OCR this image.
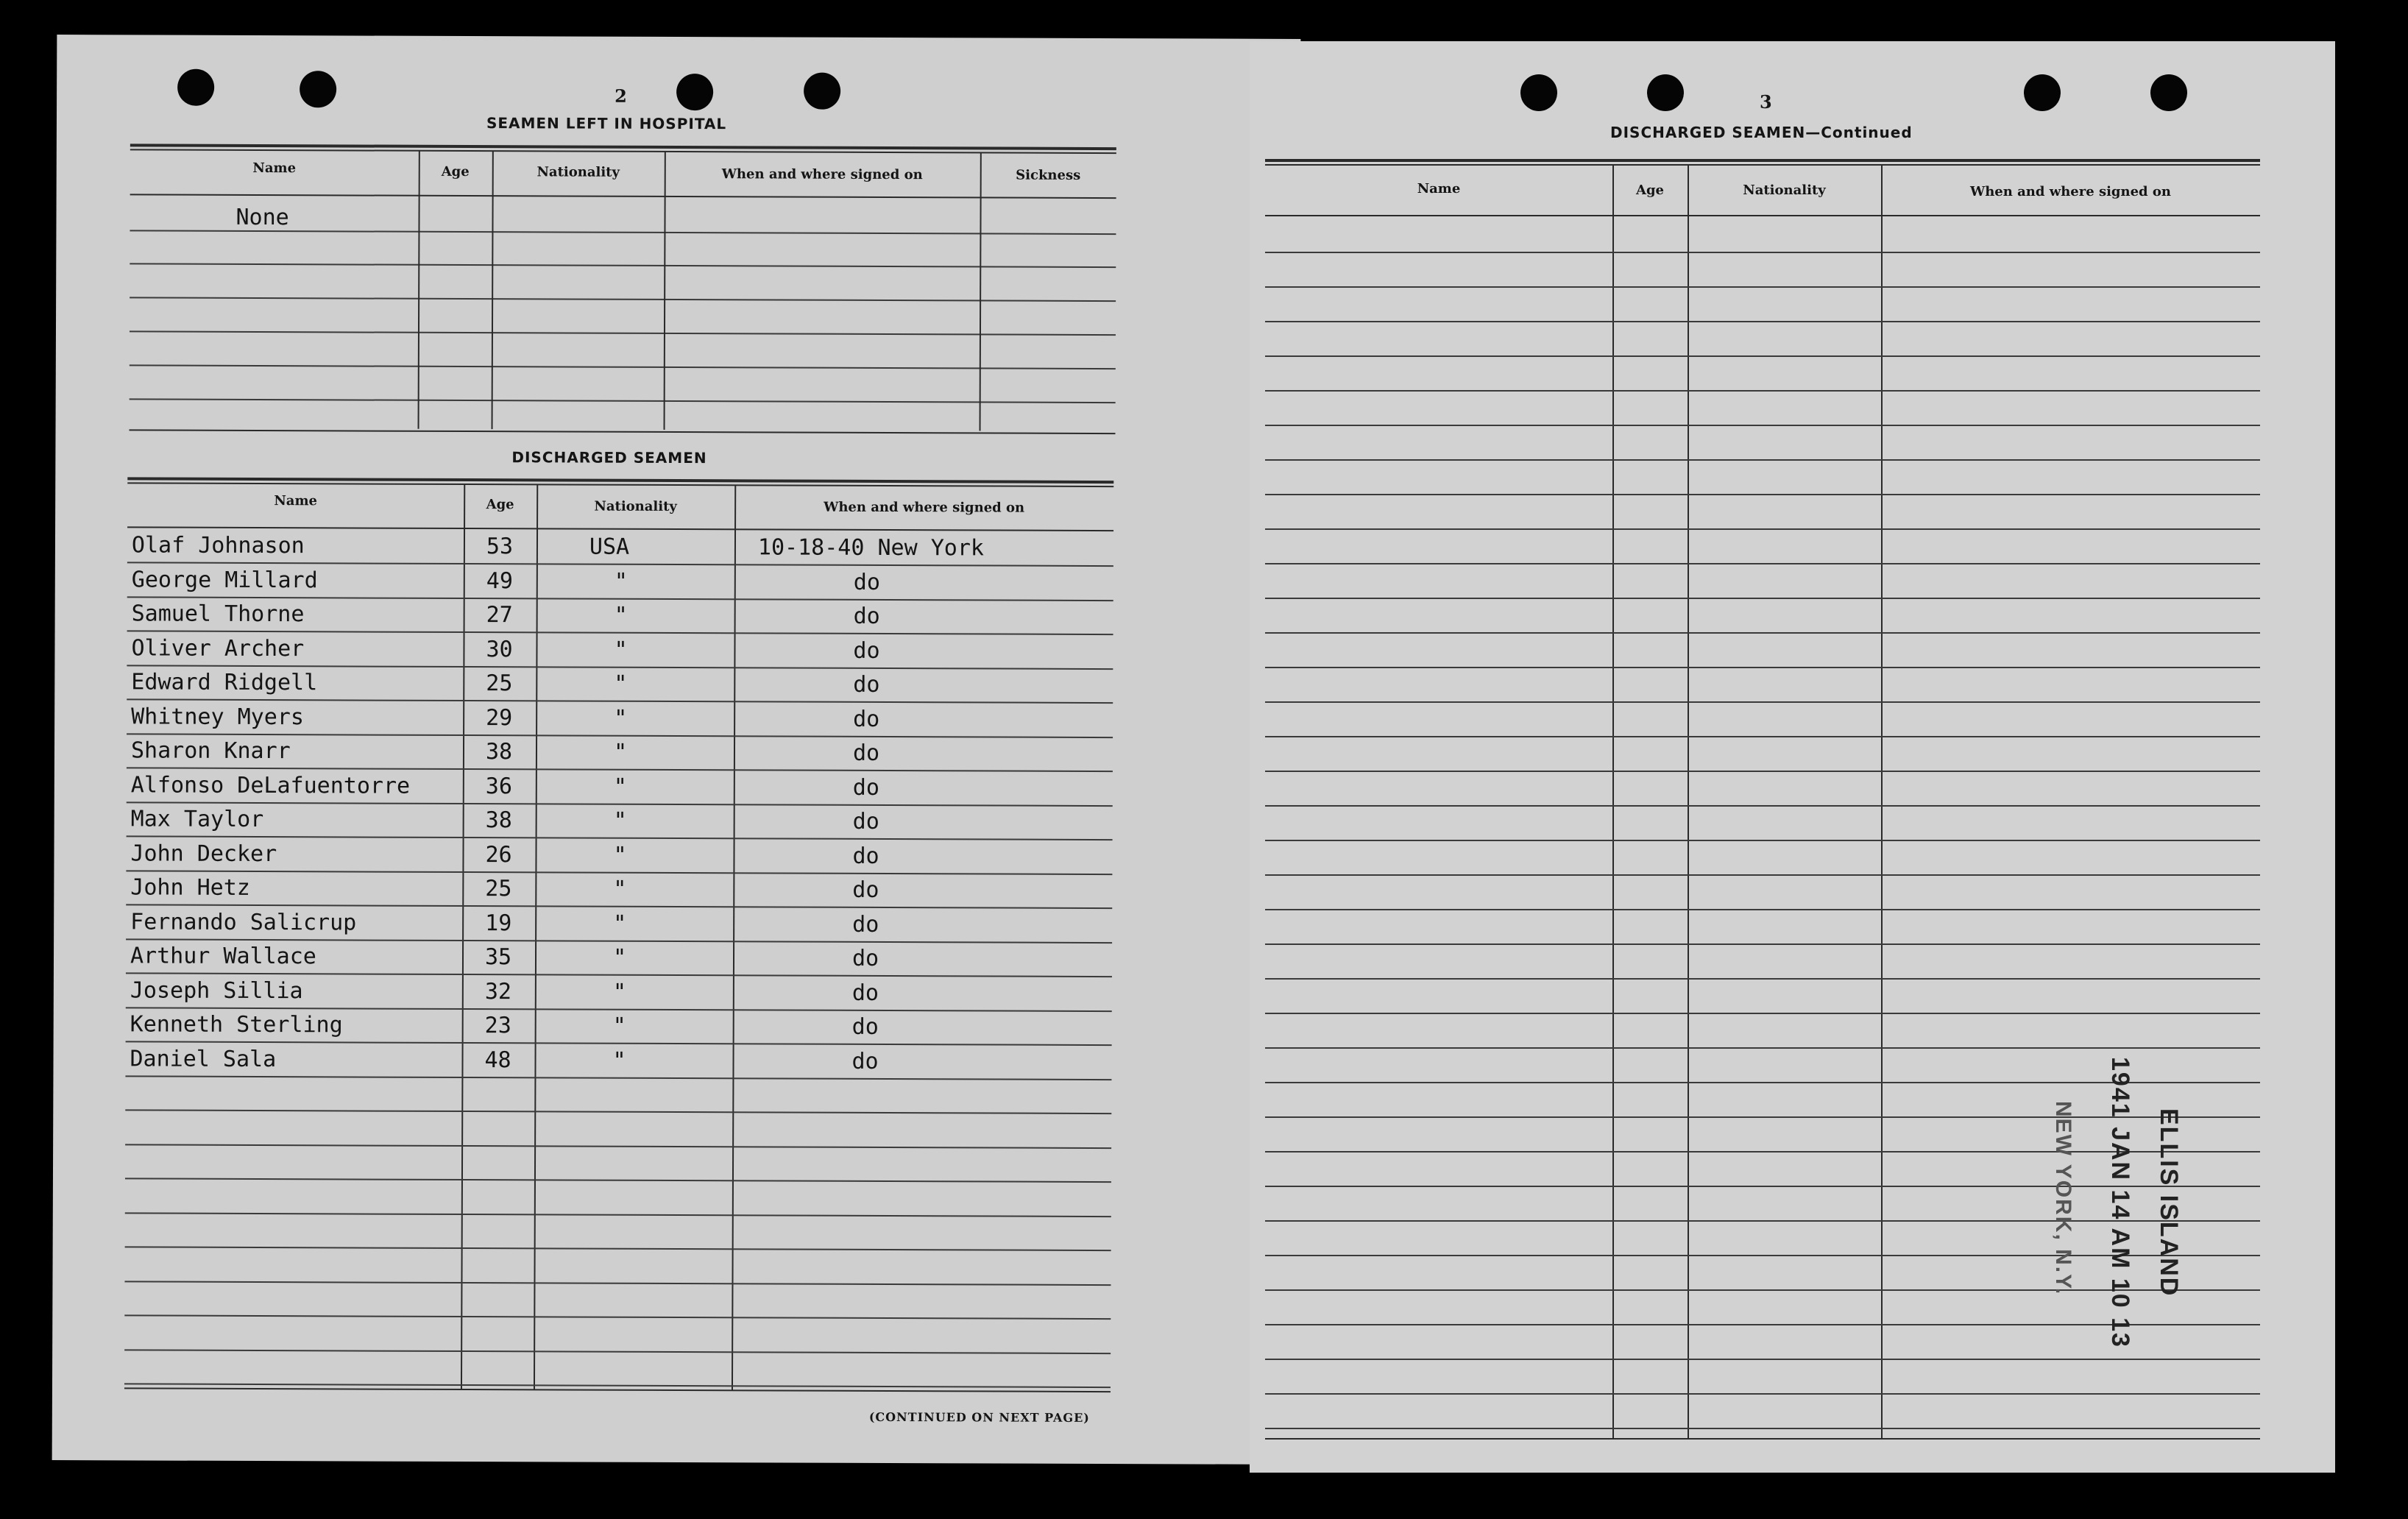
2
SEAMEN LEFT IN HOSPITAL
Name	Age	Nationality	When and where signed on	Sickness
None
DISCHARGED SEAMEN
Name	Age	Nationality	When and where signed on
Olaf Johnason	53	USA	10-18-40 New York
George Millard	49	"	do
Samuel Thorne	27	"	do
Oliver Archer	30	"	do
Edward Ridgell	25	"	do
Whitney Myers	29	"	do
Sharon Knarr	38	"	do
Alfonso DeLafuentorre	36	"	do
Max Taylor	38	"	do
John Decker	26	"	do
John Hetz	25	"	do
Fernando Salicrup	19	"	do
Arthur Wallace	35	"	do
Joseph Sillia	32	"	do
Kenneth Sterling	23	"	do
Daniel Sala	48	"	do
(CONTINUED ON NEXT PAGE)
3
DISCHARGED SEAMEN—Continued
Name	Age	Nationality	When and where signed on
ELLIS ISLAND
1941 JAN 14 AM 10 13
NEW YORK, N.Y.
